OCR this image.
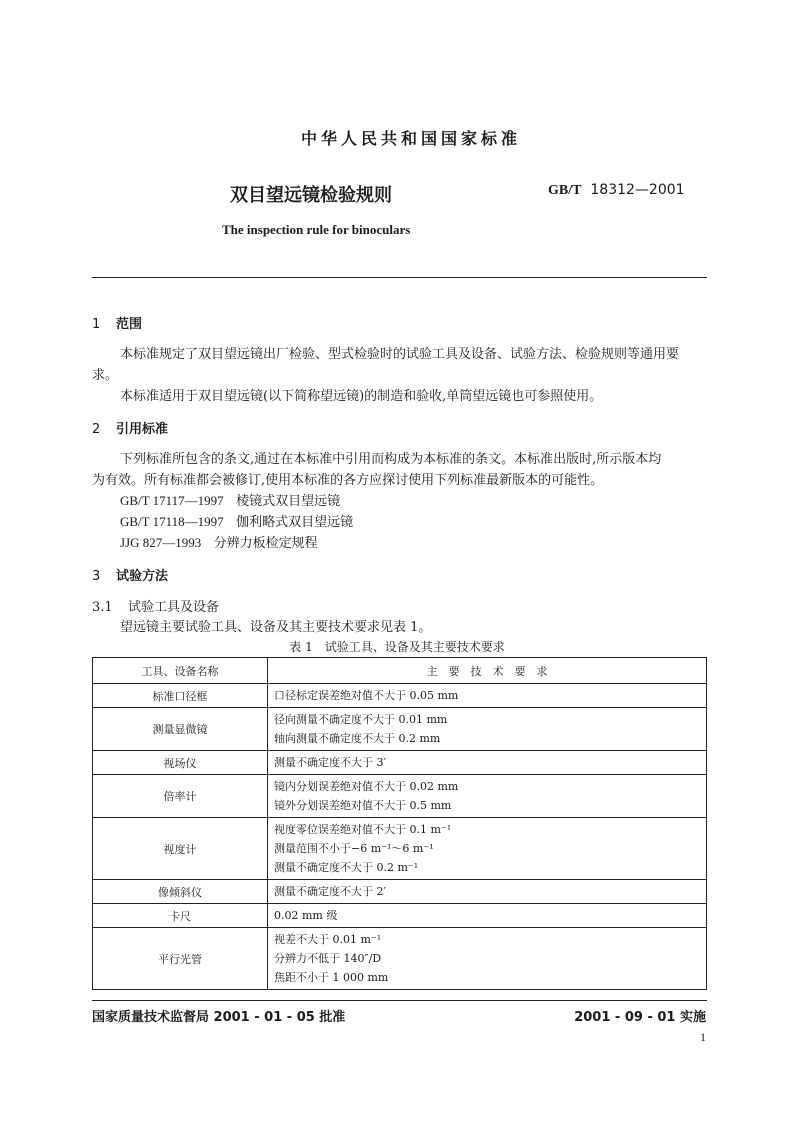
中华人民共和国国家标准
双目望远镜检验规则	GB/T 18312—2001
The inspection rule for binoculars
1 范围
本标准规定了双目望远镜出厂检验、型式检验时的试验工具及设备、试验方法、检验规则等通用要
求。
本标准适用于双目望远镜(以下简称望远镜)的制造和验收,单筒望远镜也可参照使用。
2 引用标准
下列标准所包含的条文,通过在本标准中引用而构成为本标准的条文。本标准出版时,所示版本均
为有效。所有标准都会被修订,使用本标准的各方应探讨使用下列标准最新版本的可能性。
GB/T 17117—1997 棱镜式双目望远镜
GB/T 17118—1997 伽利略式双目望远镜
JJG 827—1993 分辨力板检定规程
3 试验方法
3.1 试验工具及设备
望远镜主要试验工具、设备及其主要技术要求见表 1。
表 1　试验工具、设备及其主要技术要求
工具、设备名称	主　要　技　术　要　求
标准口径框	口径标定误差绝对值不大于 0.05 mm

测量显微镜	径向测量不确定度不大于 0.01 mm
轴向测量不确定度不大于 0.2 mm

视场仪	测量不确定度不大于 3′

倍率计	镜内分划误差绝对值不大于 0.02 mm
镜外分划误差绝对值不大于 0.5 mm

视度计	视度零位误差绝对值不大于 0.1 m⁻¹
测量范围不小于−6 m⁻¹～6 m⁻¹
测量不确定度不大于 0.2 m⁻¹

像倾斜仪	测量不确定度不大于 2′

卡尺	0.02 mm 级

平行光管	视差不大于 0.01 m⁻¹
分辨力不低于 140″/D
焦距不小于 1 000 mm
国家质量技术监督局 2001 - 01 - 05 批准	2001 - 09 - 01 实施
1
